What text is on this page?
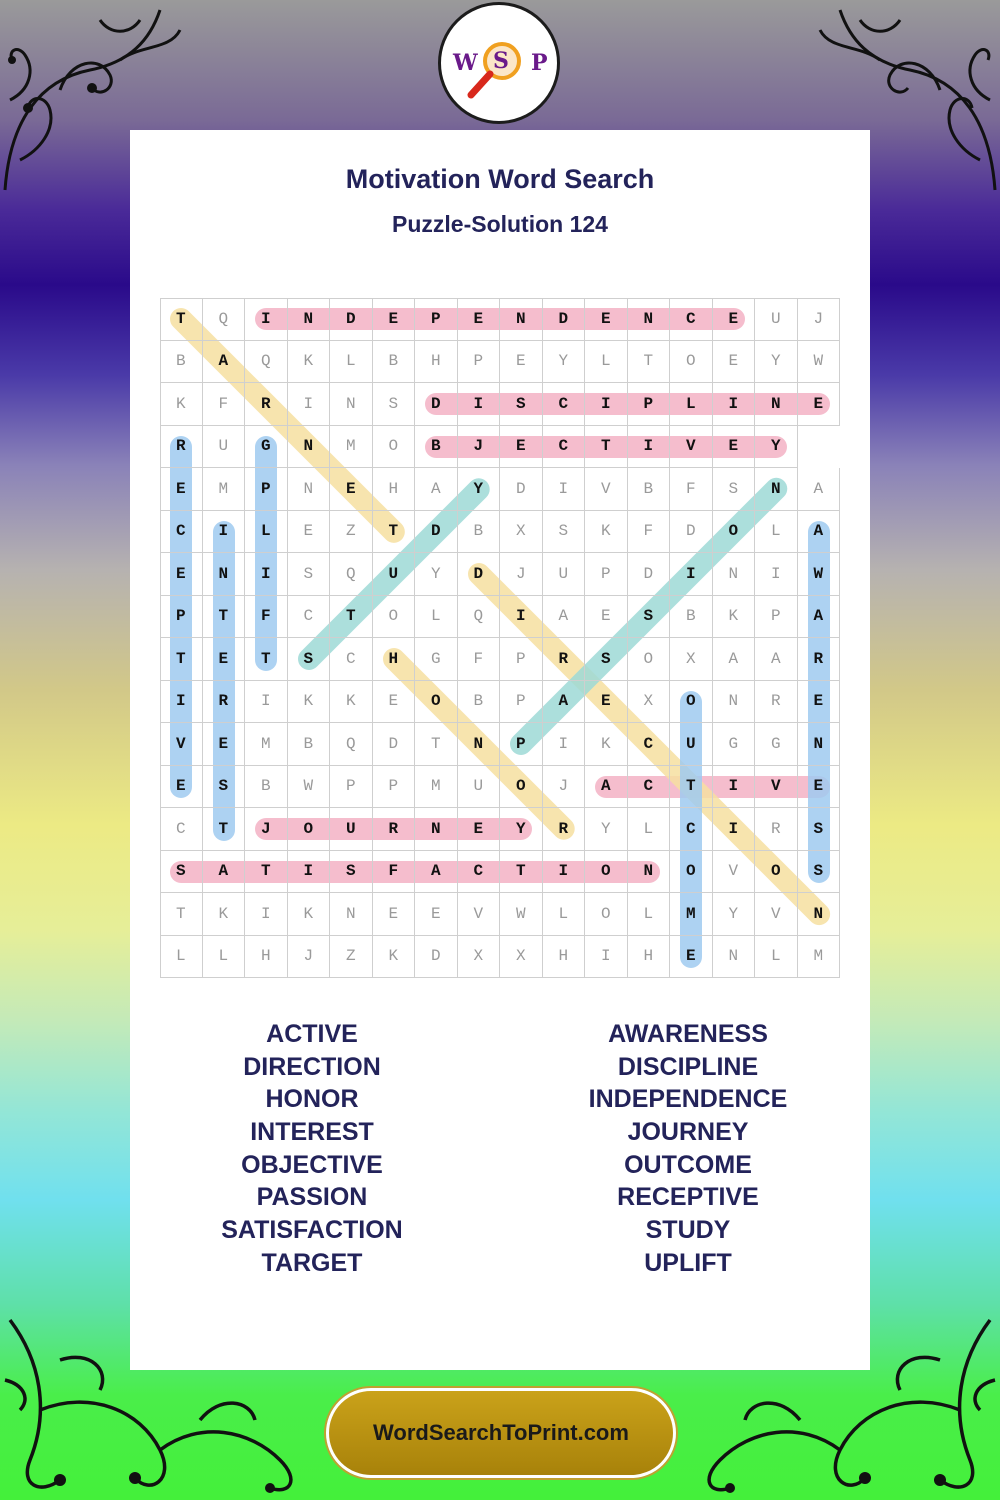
W S P
Motivation Word Search
Puzzle-Solution 124
T	Q	I	N	D	E	P	E	N	D	E	N	C	E	U	J
B	A	Q	K	L	B	H	P	E	Y	L	T	O	E	Y	W
K	F	R	I	N	S	D	I	S	C	I	P	L	I	N	E
R	U	G	N	M	O	B	J	E	C	T	I	V	E	Y
E	M	P	N	E	H	A	Y	D	I	V	B	F	S	N	A
C	I	L	E	Z	T	D	B	X	S	K	F	D	O	L	A
E	N	I	S	Q	U	Y	D	J	U	P	D	I	N	I	W
P	T	F	C	T	O	L	Q	I	A	E	S	B	K	P	A
T	E	T	S	C	H	G	F	P	R	S	O	X	A	A	R
I	R	I	K	K	E	O	B	P	A	E	X	O	N	R	E
V	E	M	B	Q	D	T	N	P	I	K	C	U	G	G	N
E	S	B	W	P	P	M	U	O	J	A	C	T	I	V	E
C	T	J	O	U	R	N	E	Y	R	Y	L	C	I	R	S
S	A	T	I	S	F	A	C	T	I	O	N	O	V	O	S
T	K	I	K	N	E	E	V	W	L	O	L	M	Y	V	N
L	L	H	J	Z	K	D	X	X	H	I	H	E	N	L	M
ACTIVE
DIRECTION
HONOR
INTEREST
OBJECTIVE
PASSION
SATISFACTION
TARGET
AWARENESS
DISCIPLINE
INDEPENDENCE
JOURNEY
OUTCOME
RECEPTIVE
STUDY
UPLIFT
WordSearchToPrint.com
